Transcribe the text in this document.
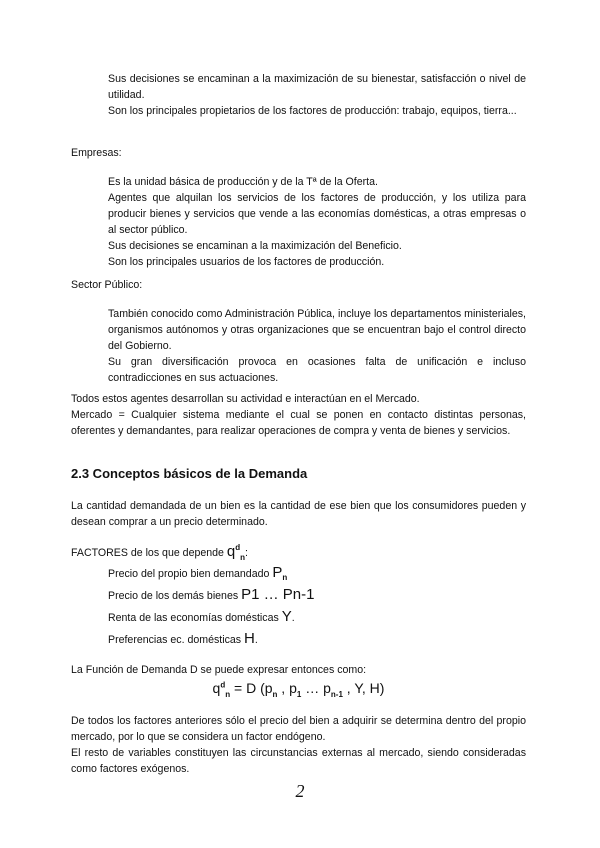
Sus decisiones se encaminan a la maximización de su bienestar, satisfacción o nivel de utilidad.

Son los principales propietarios de los factores de producción: trabajo, equipos, tierra...

Empresas:

Es la unidad básica de producción y de la Tª de la Oferta.

Agentes que alquilan los servicios de los factores de producción, y los utiliza para producir bienes y servicios que vende a las economías domésticas, a otras empresas o al sector público.

Sus decisiones se encaminan a la maximización del Beneficio.

Son los principales usuarios de los factores de producción.

Sector Público:

También conocido como Administración Pública, incluye los departamentos ministeriales, organismos autónomos y otras organizaciones que se encuentran bajo el control directo del Gobierno.

Su gran diversificación provoca en ocasiones falta de unificación e incluso contradicciones en sus actuaciones.

Todos estos agentes desarrollan su actividad e interactúan en el Mercado.

Mercado = Cualquier sistema mediante el cual se ponen en contacto distintas personas, oferentes y demandantes, para realizar operaciones de compra y venta de bienes y servicios.

2.3 Conceptos básicos de la Demanda

La cantidad demandada de un bien es la cantidad de ese bien que los consumidores pueden y desean comprar a un precio determinado.

FACTORES de los que depende $q^d_n$:

Precio del propio bien demandado $P_n$

Precio de los demás bienes P1 … Pn-1

Renta de las economías domésticas Y.

Preferencias ec. domésticas H.

La Función de Demanda D se puede expresar entonces como:

$q^d_n = D$ ($p_n$ , $p_1$ … $p_{n-1}$ , Y, H)

De todos los factores anteriores sólo el precio del bien a adquirir se determina dentro del propio mercado, por lo que se considera un factor endógeno.

El resto de variables constituyen las circunstancias externas al mercado, siendo consideradas como factores exógenos.

2
